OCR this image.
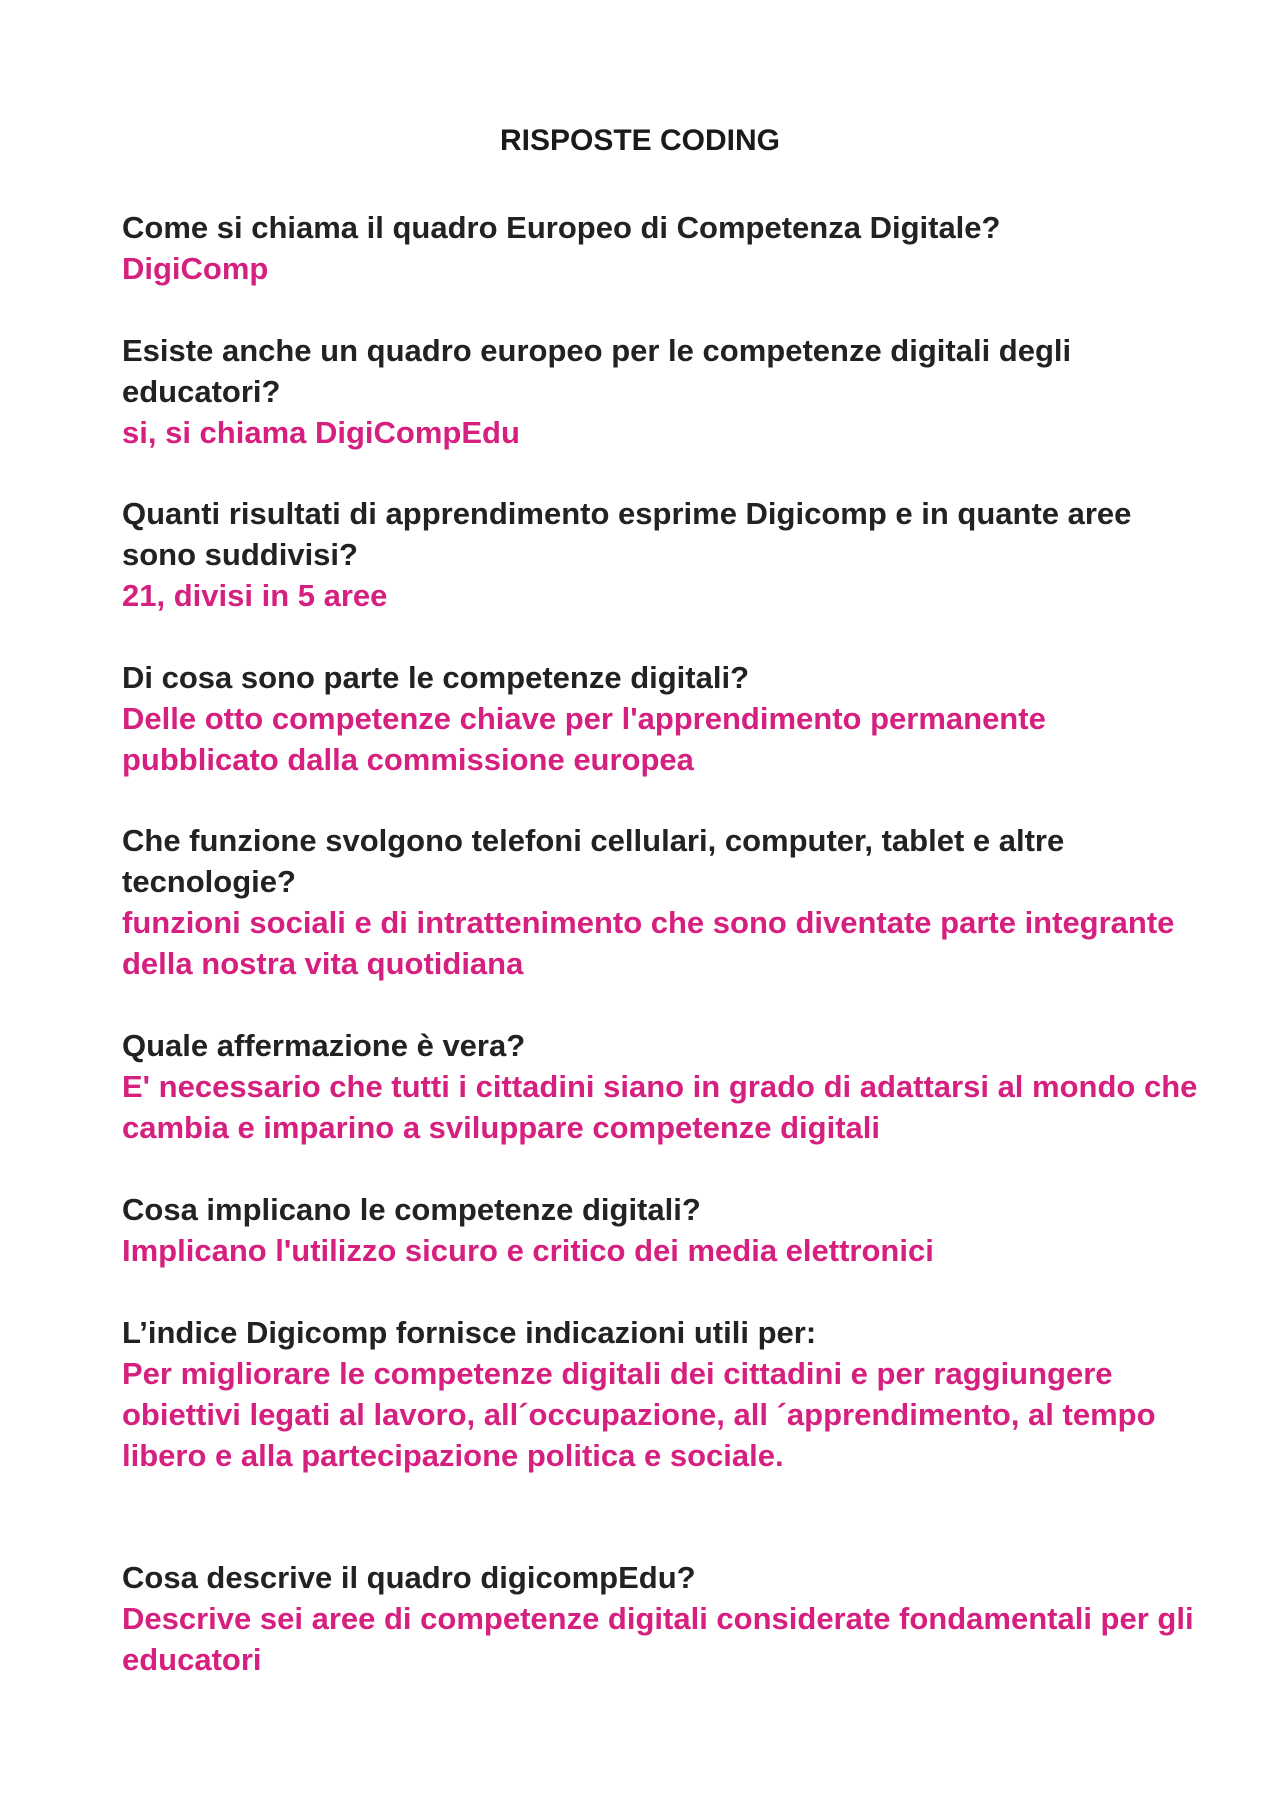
RISPOSTE CODING

Come si chiama il quadro Europeo di Competenza Digitale?

DigiComp

Esiste anche un quadro europeo per le competenze digitali degli educatori?

si, si chiama DigiCompEdu

Quanti risultati di apprendimento esprime Digicomp e in quante aree sono suddivisi?

21, divisi in 5 aree

Di cosa sono parte le competenze digitali?

Delle otto competenze chiave per l'apprendimento permanente pubblicato dalla commissione europea

Che funzione svolgono telefoni cellulari, computer, tablet e altre tecnologie?

funzioni sociali e di intrattenimento che sono diventate parte integrante della nostra vita quotidiana

Quale affermazione è vera?

E' necessario che tutti i cittadini siano in grado di adattarsi al mondo che cambia e imparino a sviluppare competenze digitali

Cosa implicano le competenze digitali?

Implicano l'utilizzo sicuro e critico dei media elettronici

L’indice Digicomp fornisce indicazioni utili per:

Per migliorare le competenze digitali dei cittadini e per raggiungere obiettivi legati al lavoro, all´occupazione, all ´apprendimento, al tempo libero e alla partecipazione politica e sociale.

Cosa descrive il quadro digicompEdu?

Descrive sei aree di competenze digitali considerate fondamentali per gli educatori
